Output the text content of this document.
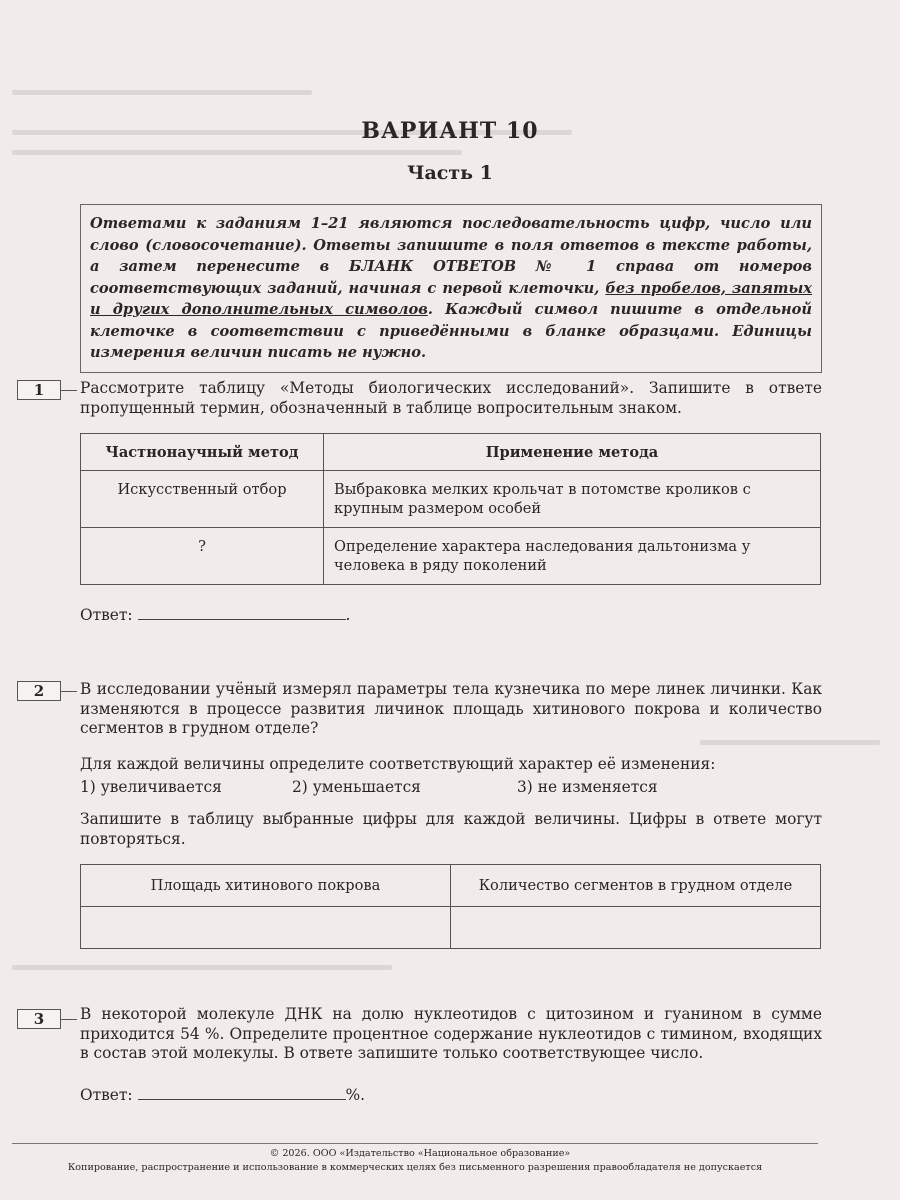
ВАРИАНТ 10
Часть 1
Ответами к заданиям 1–21 являются последовательность цифр, число или слово (словосочетание). Ответы запишите в поля ответов в тексте работы, а затем перенесите в БЛАНК ОТВЕТОВ № 1 справа от номеров соответствующих заданий, начиная с первой клеточки, без пробелов, запятых и других дополнительных символов. Каждый символ пишите в отдельной клеточке в соответствии с приведёнными в бланке образцами. Единицы измерения величин писать не нужно.
1	Рассмотрите таблицу «Методы биологических исследований». Запишите в ответе пропущенный термин, обозначенный в таблице вопросительным знаком.
Частнонаучный метод	Применение метода
Искусственный отбор	Выбраковка мелких крольчат в потомстве кроликов с крупным размером особей
?	Определение характера наследования дальтонизма у человека в ряду поколений
Ответ:	.
2	В исследовании учёный измерял параметры тела кузнечика по мере линек личинки. Как изменяются в процессе развития личинок площадь хитинового покрова и количество сегментов в грудном отделе?
Для каждой величины определите соответствующий характер её изменения:
1) увеличивается	2) уменьшается	3) не изменяется
Запишите в таблицу выбранные цифры для каждой величины. Цифры в ответе могут повторяться.
Площадь хитинового покрова	Количество сегментов в грудном отделе

3	В некоторой молекуле ДНК на долю нуклеотидов с цитозином и гуанином в сумме приходится 54 %. Определите процентное содержание нуклеотидов с тимином, входящих в состав этой молекулы. В ответе запишите только соответствующее число.
Ответ:	%.
© 2026. ООО «Издательство «Национальное образование»
Копирование, распространение и использование в коммерческих целях без письменного разрешения правообладателя не допускается
